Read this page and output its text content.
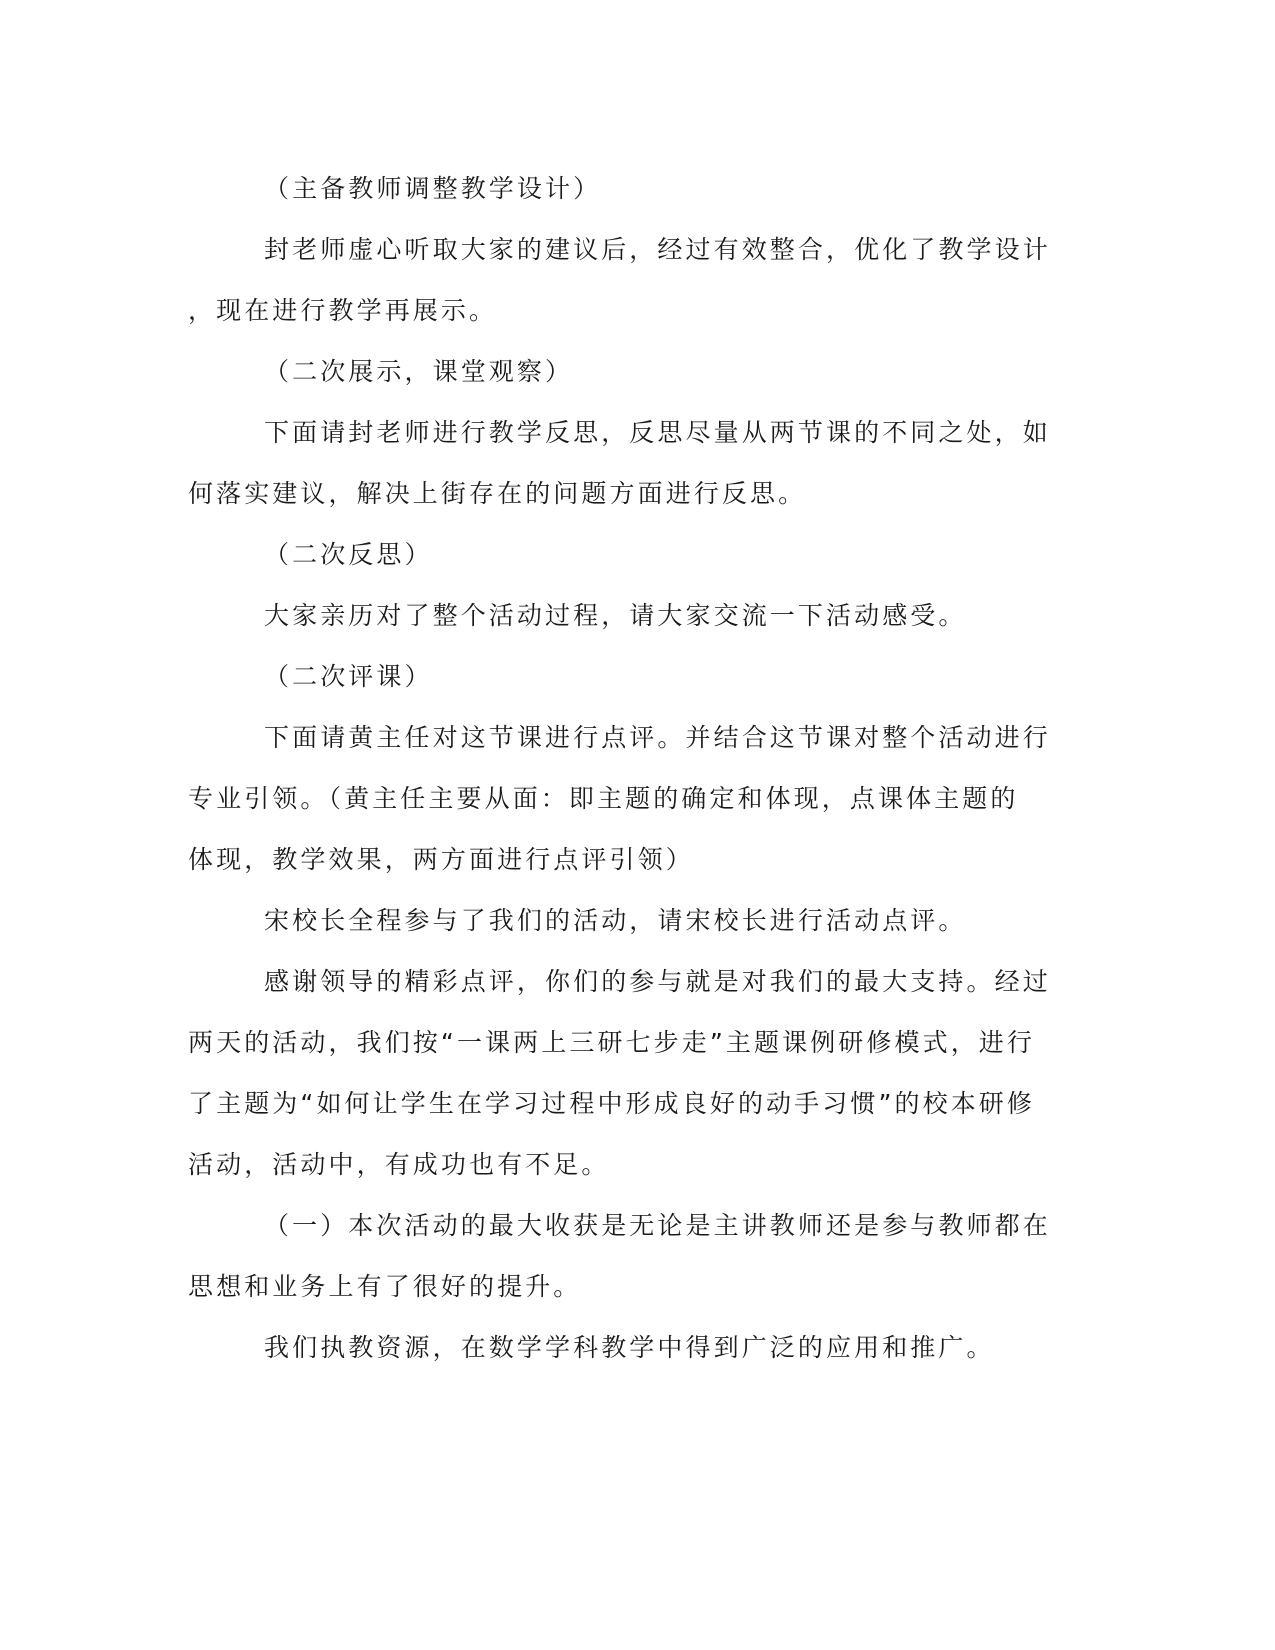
（主备教师调整教学设计）

封老师虚心听取大家的建议后，经过有效整合，优化了教学设计

，现在进行教学再展示。

（二次展示，课堂观察）

下面请封老师进行教学反思，反思尽量从两节课的不同之处，如

何落实建议，解决上街存在的问题方面进行反思。

（二次反思）

大家亲历对了整个活动过程，请大家交流一下活动感受。

（二次评课）

下面请黄主任对这节课进行点评。并结合这节课对整个活动进行

专业引领。（黄主任主要从面：即主题的确定和体现，点课体主题的

体现，教学效果，两方面进行点评引领）

宋校长全程参与了我们的活动，请宋校长进行活动点评。

感谢领导的精彩点评，你们的参与就是对我们的最大支持。经过

两天的活动，我们按“一课两上三研七步走”主题课例研修模式，进行

了主题为“如何让学生在学习过程中形成良好的动手习惯”的校本研修

活动，活动中，有成功也有不足。

（一）本次活动的最大收获是无论是主讲教师还是参与教师都在

思想和业务上有了很好的提升。

我们执教资源，在数学学科教学中得到广泛的应用和推广。
